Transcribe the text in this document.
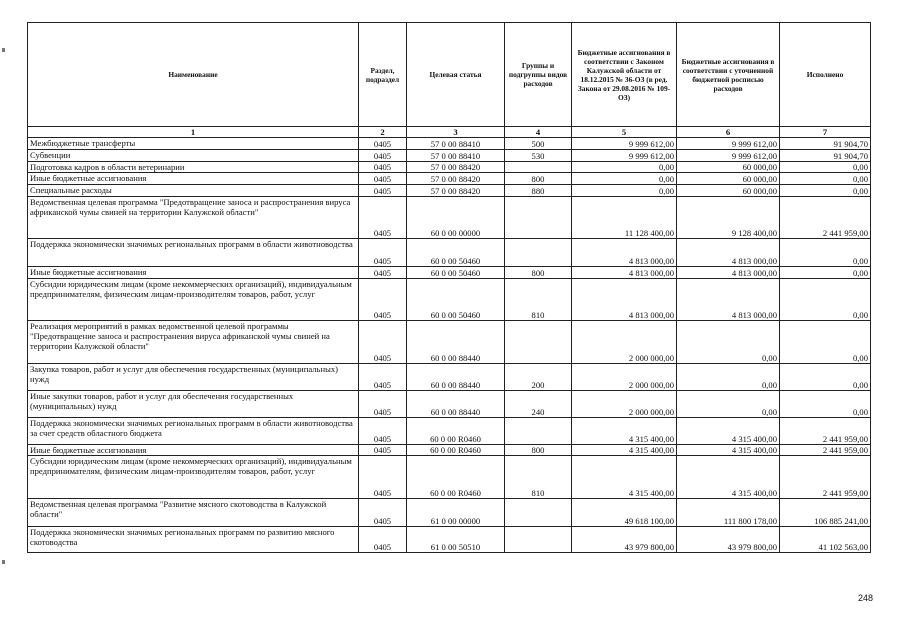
Наименование	Раздел, подраздел	Целевая статья	Группы и подгруппы видов расходов	Бюджетные ассигнования в соответствии с Законом Калужской области от 18.12.2015 № 36-ОЗ (в ред. Закона от 29.08.2016 № 109-ОЗ)	Бюджетные ассигнования в соответствии с уточненной бюджетной росписью расходов	Исполнено
1	2	3	4	5	6	7
Межбюджетные трансферты	0405	57 0 00 88410	500	9 999 612,00	9 999 612,00	91 904,70
Субвенции	0405	57 0 00 88410	530	9 999 612,00	9 999 612,00	91 904,70
Подготовка кадров в области ветеринарии	0405	57 0 00 88420		0,00	60 000,00	0,00
Иные бюджетные ассигнования	0405	57 0 00 88420	800	0,00	60 000,00	0,00
Специальные расходы	0405	57 0 00 88420	880	0,00	60 000,00	0,00
Ведомственная целевая программа "Предотвращение заноса и распространения вируса африканской чумы свиней на территории Калужской области"	0405	60 0 00 00000		11 128 400,00	9 128 400,00	2 441 959,00
Поддержка экономически значимых региональных программ в области животноводства	0405	60 0 00 50460		4 813 000,00	4 813 000,00	0,00
Иные бюджетные ассигнования	0405	60 0 00 50460	800	4 813 000,00	4 813 000,00	0,00
Субсидии юридическим лицам (кроме некоммерческих организаций), индивидуальным предпринимателям, физическим лицам-производителям товаров, работ, услуг	0405	60 0 00 50460	810	4 813 000,00	4 813 000,00	0,00
Реализация мероприятий в рамках ведомственной целевой программы "Предотвращение заноса и распространения вируса африканской чумы свиней на территории Калужской области"	0405	60 0 00 88440		2 000 000,00	0,00	0,00
Закупка товаров, работ и услуг для обеспечения государственных (муниципальных) нужд	0405	60 0 00 88440	200	2 000 000,00	0,00	0,00
Иные закупки товаров, работ и услуг для обеспечения государственных (муниципальных) нужд	0405	60 0 00 88440	240	2 000 000,00	0,00	0,00
Поддержка экономически значимых региональных программ в области животноводства за счет средств областного бюджета	0405	60 0 00 R0460		4 315 400,00	4 315 400,00	2 441 959,00
Иные бюджетные ассигнования	0405	60 0 00 R0460	800	4 315 400,00	4 315 400,00	2 441 959,00
Субсидии юридическим лицам (кроме некоммерческих организаций), индивидуальным предпринимателям, физическим лицам-производителям товаров, работ, услуг	0405	60 0 00 R0460	810	4 315 400,00	4 315 400,00	2 441 959,00
Ведомственная целевая программа "Развитие мясного скотоводства в Калужской области"	0405	61 0 00 00000		49 618 100,00	111 800 178,00	106 885 241,00
Поддержка экономически значимых региональных программ по развитию мясного скотоводства	0405	61 0 00 50510		43 979 800,00	43 979 800,00	41 102 563,00
248
